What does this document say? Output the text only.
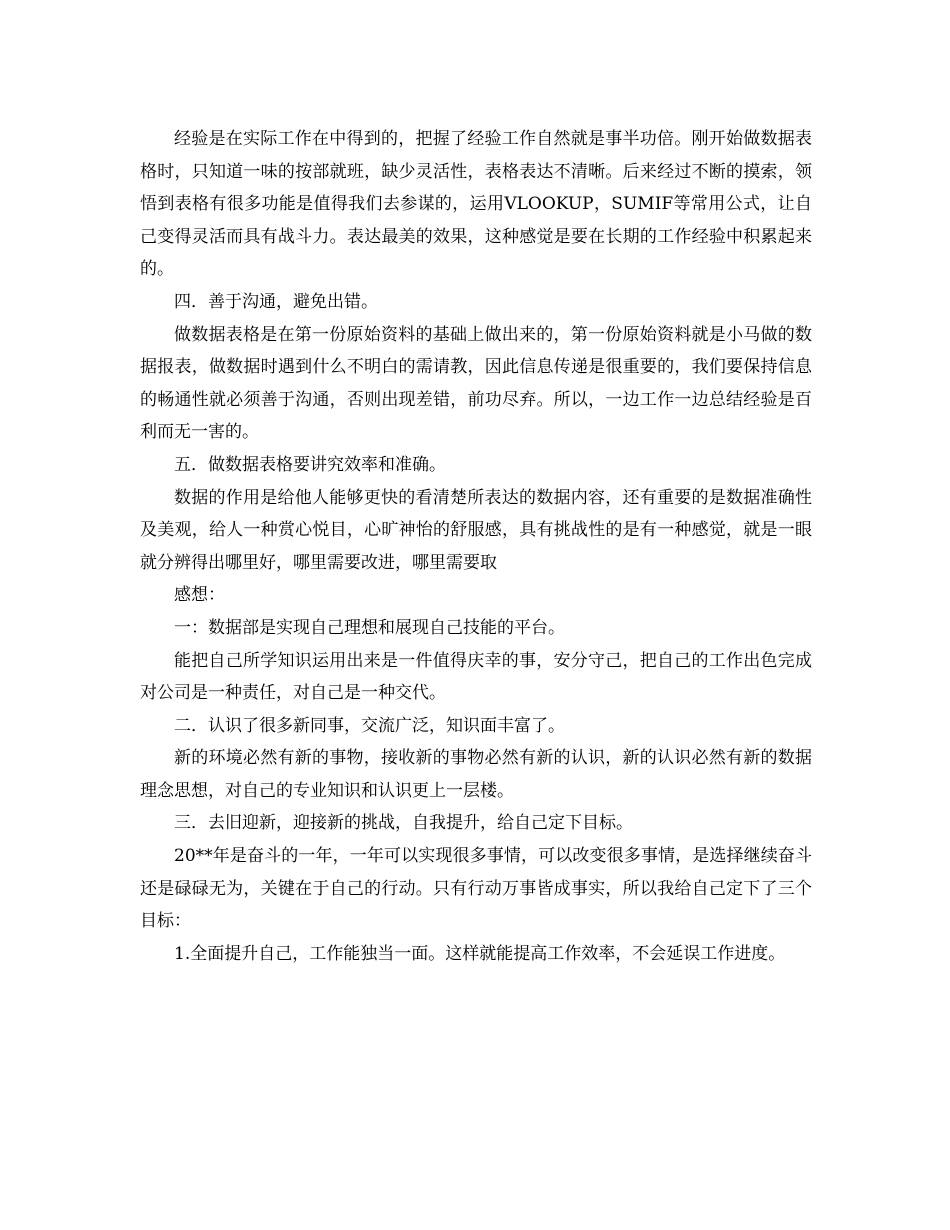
经验是在实际工作在中得到的，把握了经验工作自然就是事半功倍。刚开始做数据表格时，只知道一味的按部就班，缺少灵活性，表格表达不清晰。后来经过不断的摸索，领悟到表格有很多功能是值得我们去参谋的，运用VLOOKUP，SUMIF等常用公式，让自己变得灵活而具有战斗力。表达最美的效果，这种感觉是要在长期的工作经验中积累起来的。

四．善于沟通，避免出错。

做数据表格是在第一份原始资料的基础上做出来的，第一份原始资料就是小马做的数据报表，做数据时遇到什么不明白的需请教，因此信息传递是很重要的，我们要保持信息的畅通性就必须善于沟通，否则出现差错，前功尽弃。所以，一边工作一边总结经验是百利而无一害的。

五．做数据表格要讲究效率和准确。

数据的作用是给他人能够更快的看清楚所表达的数据内容，还有重要的是数据准确性及美观，给人一种赏心悦目，心旷神怡的舒服感，具有挑战性的是有一种感觉，就是一眼就分辨得出哪里好，哪里需要改进，哪里需要取

感想：

一：数据部是实现自己理想和展现自己技能的平台。

能把自己所学知识运用出来是一件值得庆幸的事，安分守己，把自己的工作出色完成对公司是一种责任，对自己是一种交代。

二．认识了很多新同事，交流广泛，知识面丰富了。

新的环境必然有新的事物，接收新的事物必然有新的认识，新的认识必然有新的数据理念思想，对自己的专业知识和认识更上一层楼。

三．去旧迎新，迎接新的挑战，自我提升，给自己定下目标。

20**年是奋斗的一年，一年可以实现很多事情，可以改变很多事情，是选择继续奋斗还是碌碌无为，关键在于自己的行动。只有行动万事皆成事实，所以我给自己定下了三个目标：

1.全面提升自己，工作能独当一面。这样就能提高工作效率，不会延误工作进度。
